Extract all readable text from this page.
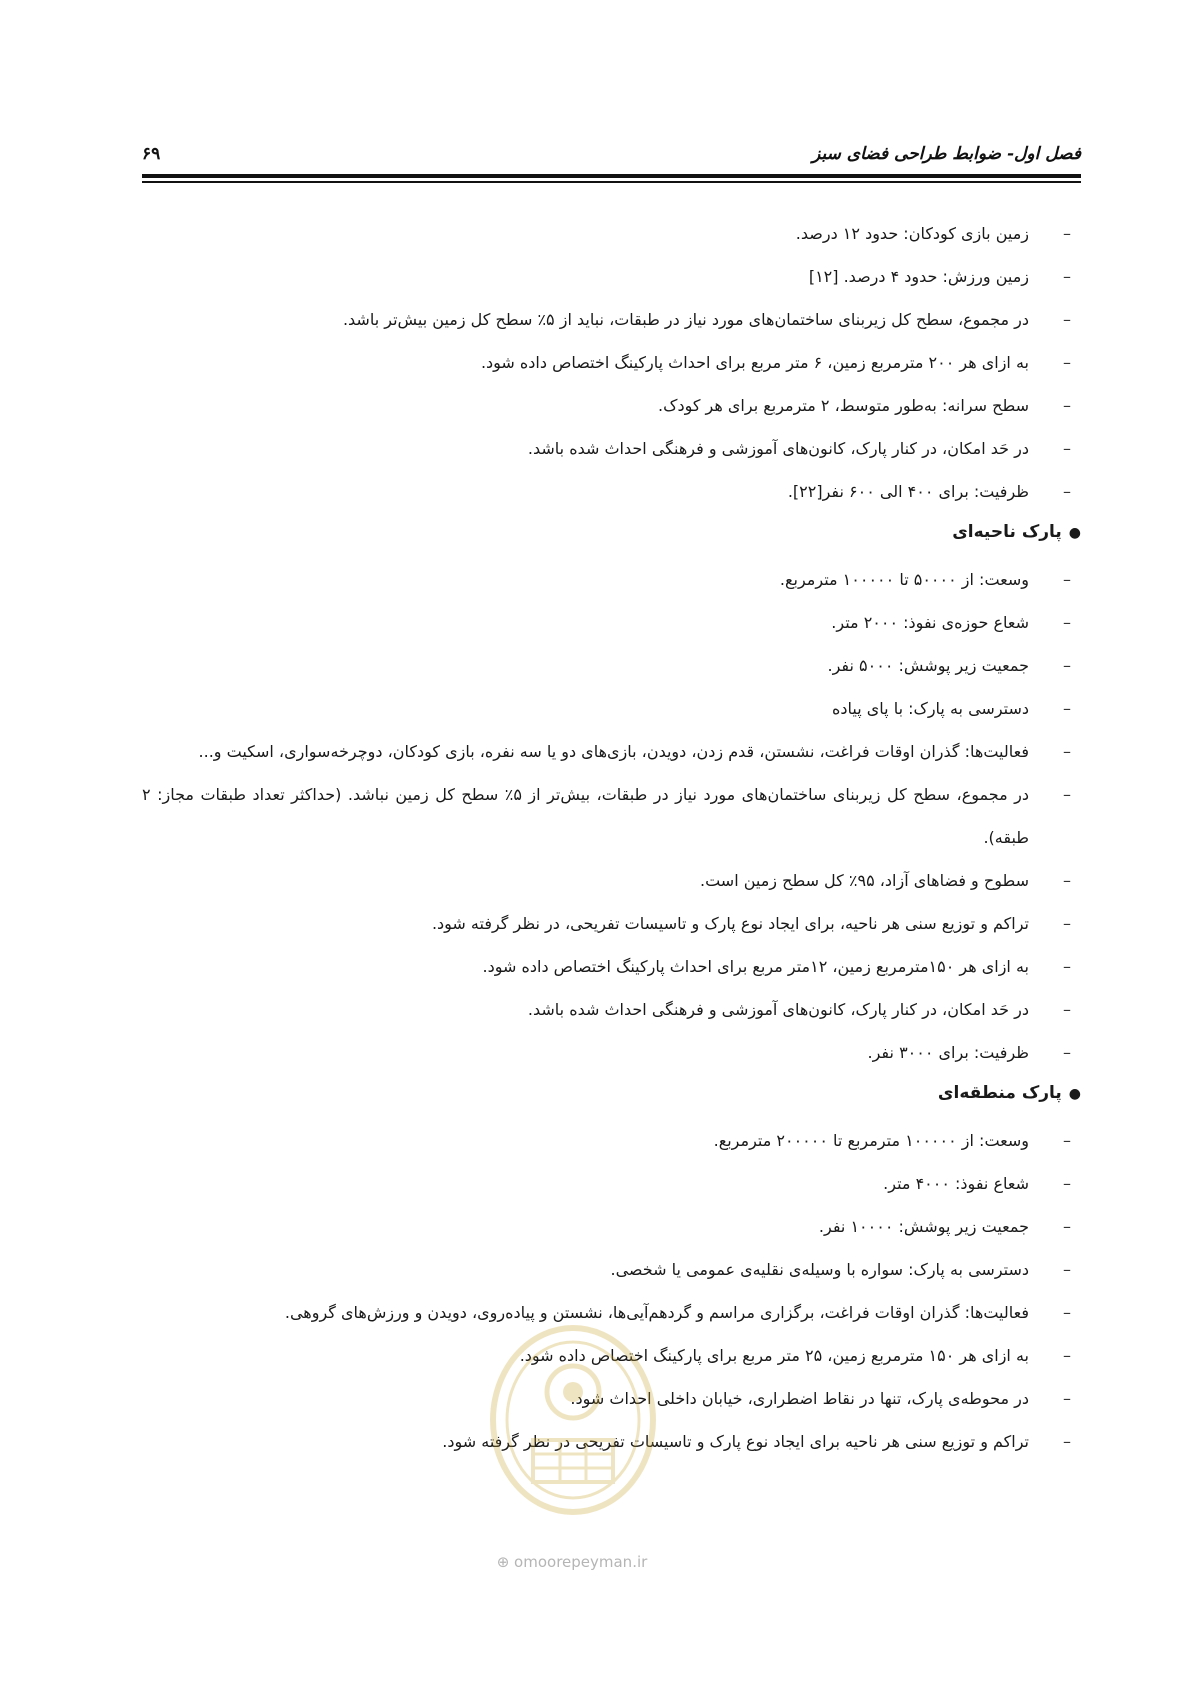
فصل اول- ضوابط طراحی فضای سبز
۶۹
–
زمین بازی کودکان: حدود ۱۲ درصد.
–
زمین ورزش: حدود ۴ درصد. [۱۲]
–
در مجموع، سطح کل زیربنای ساختمان‌های مورد نیاز در طبقات، نباید از ۵٪ سطح کل زمین بیش‌تر باشد.
–
به ازای هر ۲۰۰ مترمربع زمین، ۶ متر مربع برای احداث پارکینگ اختصاص داده شود.
–
سطح سرانه: به‌طور متوسط، ۲ مترمربع برای هر کودک.
–
در حَد امکان، در کنار پارک، کانون‌های آموزشی و فرهنگی احداث شده باشد.
–
ظرفیت: برای ۴۰۰ الی ۶۰۰ نفر[۲۲].
●پارک ناحیه‌ای
–
وسعت: از ۵۰۰۰۰ تا ۱۰۰۰۰۰ مترمربع.
–
شعاع حوزه‌ی نفوذ: ۲۰۰۰ متر.
–
جمعیت زیر پوشش: ۵۰۰۰ نفر.
–
دسترسی به پارک: با پای پیاده
–
فعالیت‌ها: گذران اوقات فراغت، نشستن، قدم زدن، دویدن، بازی‌های دو یا سه نفره، بازی کودکان، دوچرخه‌سواری، اسکیت و...
–
در مجموع، سطح کل زیربنای ساختمان‌های مورد نیاز در طبقات، بیش‌تر از ۵٪ سطح کل زمین نباشد. (حداکثر تعداد طبقات مجاز: ۲ طبقه).
–
سطوح و فضاهای آزاد، ۹۵٪ کل سطح زمین است.
–
تراکم و توزیع سنی هر ناحیه، برای ایجاد نوع پارک و تاسیسات تفریحی، در نظر گرفته شود.
–
به ازای هر ۱۵۰مترمربع زمین، ۱۲متر مربع برای احداث پارکینگ اختصاص داده شود.
–
در حَد امکان، در کنار پارک، کانون‌های آموزشی و فرهنگی احداث شده باشد.
–
ظرفیت: برای ۳۰۰۰ نفر.
●پارک منطقه‌ای
–
وسعت: از ۱۰۰۰۰۰ مترمربع تا ۲۰۰۰۰۰ مترمربع.
–
شعاع نفوذ: ۴۰۰۰ متر.
–
جمعیت زیر پوشش: ۱۰۰۰۰ نفر.
–
دسترسی به پارک: سواره با وسیله‌ی نقلیه‌ی عمومی یا شخصی.
–
فعالیت‌ها: گذران اوقات فراغت، برگزاری مراسم و گردهم‌آیی‌ها، نشستن و پیاده‌روی، دویدن و ورزش‌های گروهی.
–
به ازای هر ۱۵۰ مترمربع زمین، ۲۵ متر مربع برای پارکینگ اختصاص داده شود.
–
در محوطه‌ی پارک، تنها در نقاط اضطراری، خیابان داخلی احداث شود.
–
تراکم و توزیع سنی هر ناحیه برای ایجاد نوع پارک و تاسیسات تفریحی در نظر گرفته شود.
⊕ omoorepeyman.ir
